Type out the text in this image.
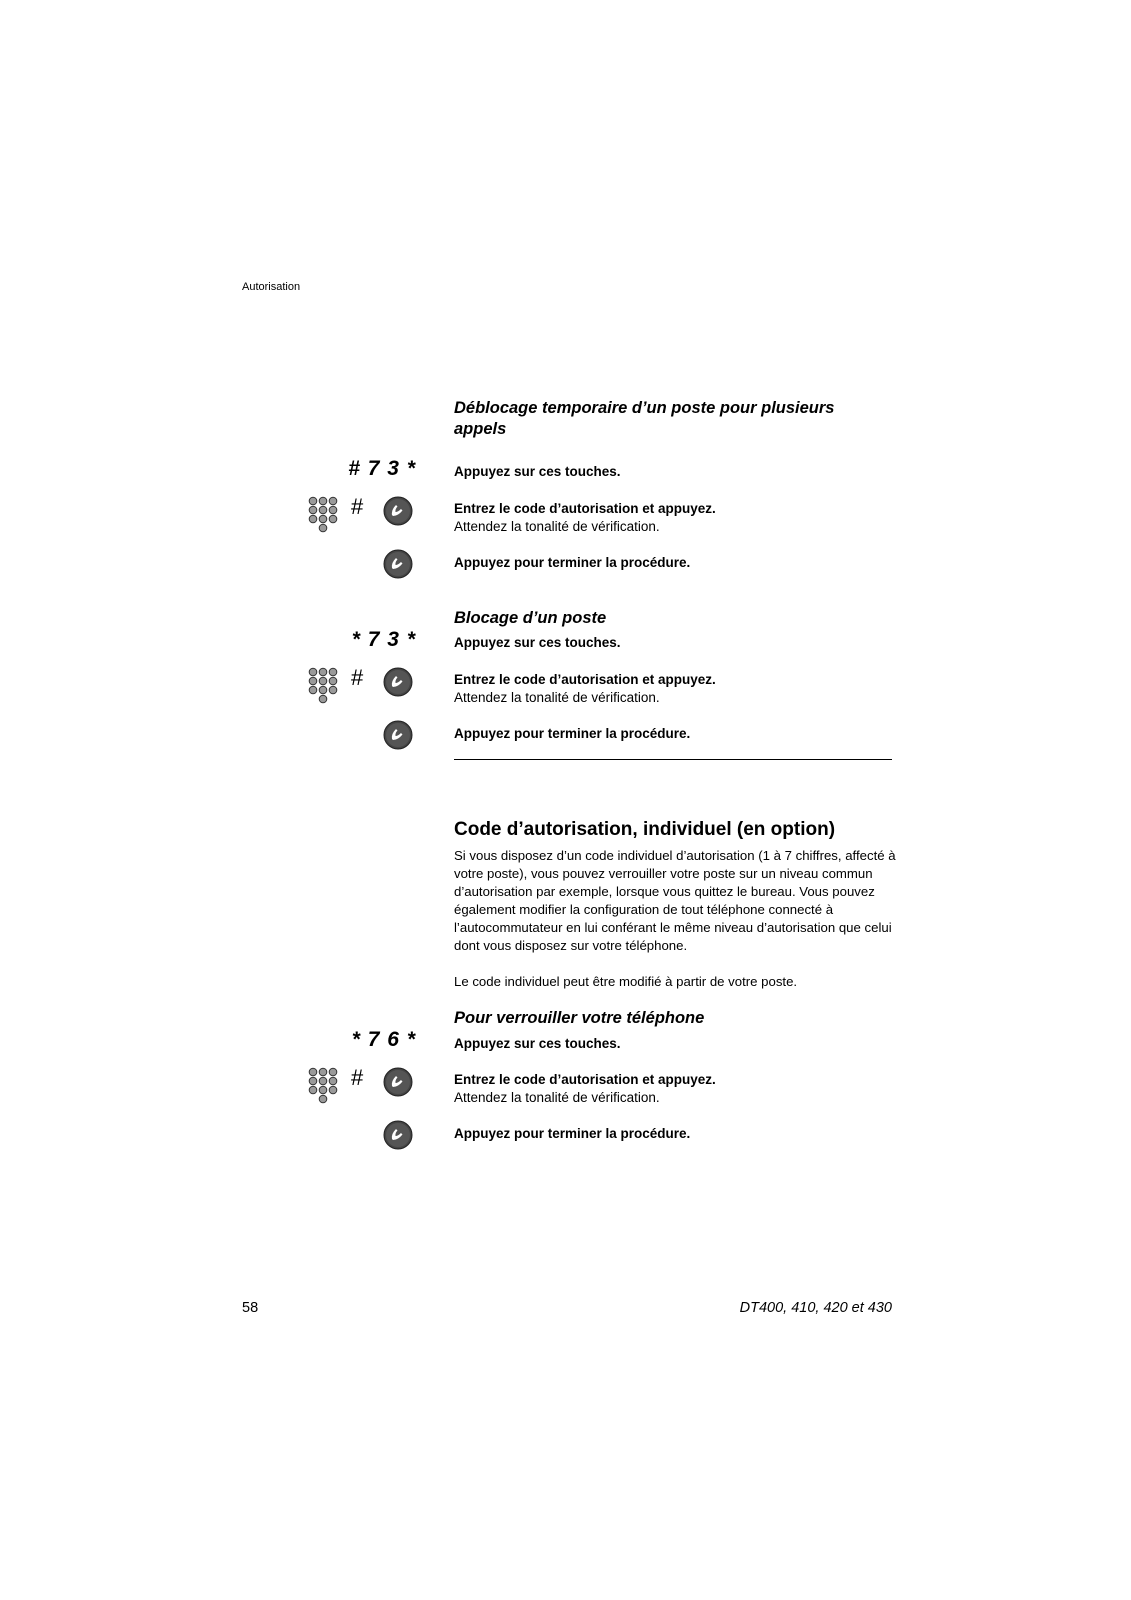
Autorisation
Déblocage temporaire d’un poste pour plusieurs
appels
# 7 3 *	Appuyez sur ces touches.
#	Entrez le code d’autorisation et appuyez.
Attendez la tonalité de vérification.
Appuyez pour terminer la procédure.
Blocage d’un poste
* 7 3 *	Appuyez sur ces touches.
#	Entrez le code d’autorisation et appuyez.
Attendez la tonalité de vérification.
Appuyez pour terminer la procédure.
Code d’autorisation, individuel (en option)
Si vous disposez d’un code individuel d’autorisation (1 à 7 chiffres, affecté à votre poste), vous pouvez verrouiller votre poste sur un niveau commun d’autorisation par exemple, lorsque vous quittez le bureau. Vous pouvez également modifier la configuration de tout téléphone connecté à l’autocommutateur en lui conférant le même niveau d’autorisation que celui dont vous disposez sur votre téléphone.
Le code individuel peut être modifié à partir de votre poste.
Pour verrouiller votre téléphone
* 7 6 *	Appuyez sur ces touches.
#	Entrez le code d’autorisation et appuyez.
Attendez la tonalité de vérification.
Appuyez pour terminer la procédure.
58	DT400, 410, 420 et 430
